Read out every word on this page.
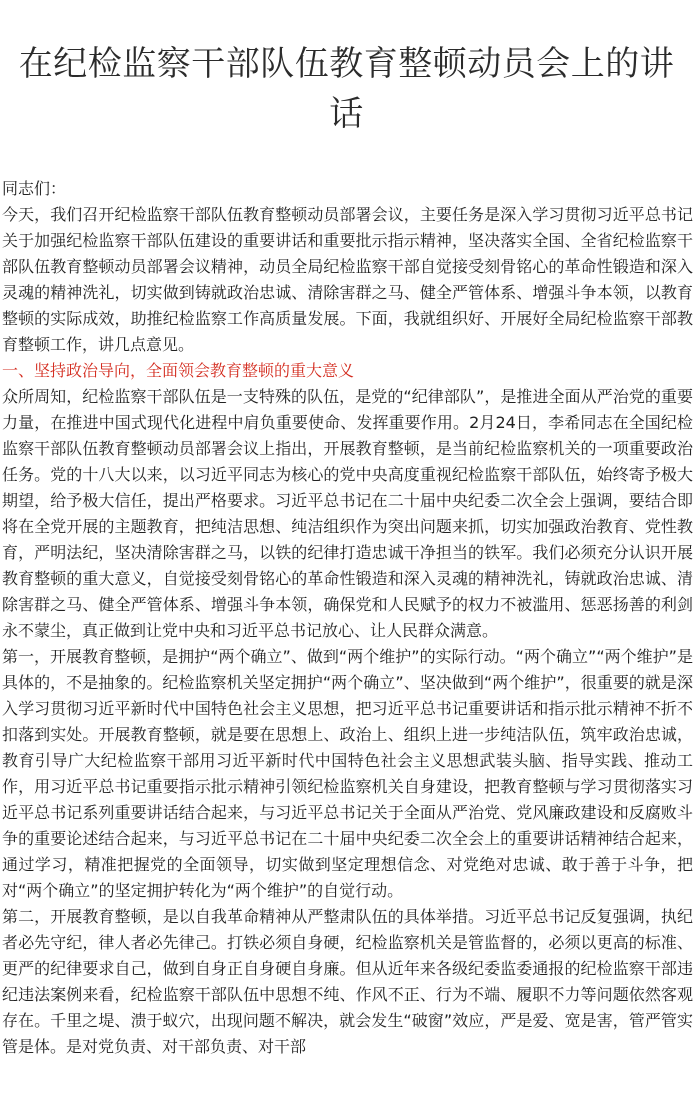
在纪检监察干部队伍教育整顿动员会上的讲话

同志们：

今天，我们召开纪检监察干部队伍教育整顿动员部署会议，主要任务是深入学习贯彻习近平总书记关于加强纪检监察干部队伍建设的重要讲话和重要批示指示精神，坚决落实全国、全省纪检监察干部队伍教育整顿动员部署会议精神，动员全局纪检监察干部自觉接受刻骨铭心的革命性锻造和深入灵魂的精神洗礼，切实做到铸就政治忠诚、清除害群之马、健全严管体系、增强斗争本领，以教育整顿的实际成效，助推纪检监察工作高质量发展。下面，我就组织好、开展好全局纪检监察干部教育整顿工作，讲几点意见。

一、坚持政治导向，全面领会教育整顿的重大意义

众所周知，纪检监察干部队伍是一支特殊的队伍，是党的“纪律部队”，是推进全面从严治党的重要力量，在推进中国式现代化进程中肩负重要使命、发挥重要作用。2月24日，李希同志在全国纪检监察干部队伍教育整顿动员部署会议上指出，开展教育整顿，是当前纪检监察机关的一项重要政治任务。党的十八大以来，以习近平同志为核心的党中央高度重视纪检监察干部队伍，始终寄予极大期望，给予极大信任，提出严格要求。习近平总书记在二十届中央纪委二次全会上强调，要结合即将在全党开展的主题教育，把纯洁思想、纯洁组织作为突出问题来抓，切实加强政治教育、党性教育，严明法纪，坚决清除害群之马，以铁的纪律打造忠诚干净担当的铁军。我们必须充分认识开展教育整顿的重大意义，自觉接受刻骨铭心的革命性锻造和深入灵魂的精神洗礼，铸就政治忠诚、清除害群之马、健全严管体系、增强斗争本领，确保党和人民赋予的权力不被滥用、惩恶扬善的利剑永不蒙尘，真正做到让党中央和习近平总书记放心、让人民群众满意。

第一，开展教育整顿，是拥护“两个确立”、做到“两个维护”的实际行动。“两个确立”“两个维护”是具体的，不是抽象的。纪检监察机关坚定拥护“两个确立”、坚决做到“两个维护”，很重要的就是深入学习贯彻习近平新时代中国特色社会主义思想，把习近平总书记重要讲话和指示批示精神不折不扣落到实处。开展教育整顿，就是要在思想上、政治上、组织上进一步纯洁队伍，筑牢政治忠诚，教育引导广大纪检监察干部用习近平新时代中国特色社会主义思想武装头脑、指导实践、推动工作，用习近平总书记重要指示批示精神引领纪检监察机关自身建设，把教育整顿与学习贯彻落实习近平总书记系列重要讲话结合起来，与习近平总书记关于全面从严治党、党风廉政建设和反腐败斗争的重要论述结合起来，与习近平总书记在二十届中央纪委二次全会上的重要讲话精神结合起来，通过学习，精准把握党的全面领导，切实做到坚定理想信念、对党绝对忠诚、敢于善于斗争，把对“两个确立”的坚定拥护转化为“两个维护”的自觉行动。

第二，开展教育整顿，是以自我革命精神从严整肃队伍的具体举措。习近平总书记反复强调，执纪者必先守纪，律人者必先律己。打铁必须自身硬，纪检监察机关是管监督的，必须以更高的标准、更严的纪律要求自己，做到自身正自身硬自身廉。但从近年来各级纪委监委通报的纪检监察干部违纪违法案例来看，纪检监察干部队伍中思想不纯、作风不正、行为不端、履职不力等问题依然客观存在。千里之堤、溃于蚁穴，出现问题不解决，就会发生“破窗”效应，严是爱、宽是害，管严管实管是体。是对党负责、对干部负责、对干部
